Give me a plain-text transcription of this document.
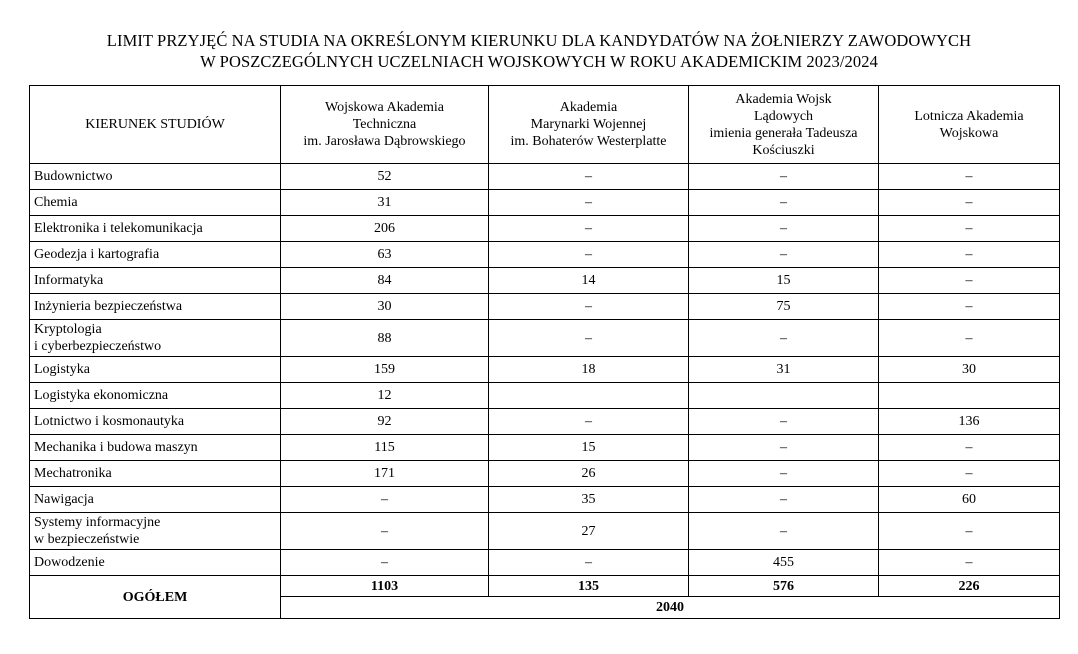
LIMIT PRZYJĘĆ NA STUDIA NA OKREŚLONYM KIERUNKU DLA KANDYDATÓW NA ŻOŁNIERZY ZAWODOWYCH
W POSZCZEGÓLNYCH UCZELNIACH WOJSKOWYCH W ROKU AKADEMICKIM 2023/2024
KIERUNEK STUDIÓW	Wojskowa Akademia
Techniczna
im. Jarosława Dąbrowskiego	Akademia
Marynarki Wojennej
im. Bohaterów Westerplatte	Akademia Wojsk
Lądowych
imienia generała Tadeusza
Kościuszki	Lotnicza Akademia
Wojskowa
Budownictwo	52	–	–	–
Chemia	31	–	–	–
Elektronika i telekomunikacja	206	–	–	–
Geodezja i kartografia	63	–	–	–
Informatyka	84	14	15	–
Inżynieria bezpieczeństwa	30	–	75	–
Kryptologia
i cyberbezpieczeństwo	88	–	–	–
Logistyka	159	18	31	30
Logistyka ekonomiczna	12			
Lotnictwo i kosmonautyka	92	–	–	136
Mechanika i budowa maszyn	115	15	–	–
Mechatronika	171	26	–	–
Nawigacja	–	35	–	60
Systemy informacyjne
w bezpieczeństwie	–	27	–	–
Dowodzenie	–	–	455	–
OGÓŁEM	1103	135	576	226
	2040			
